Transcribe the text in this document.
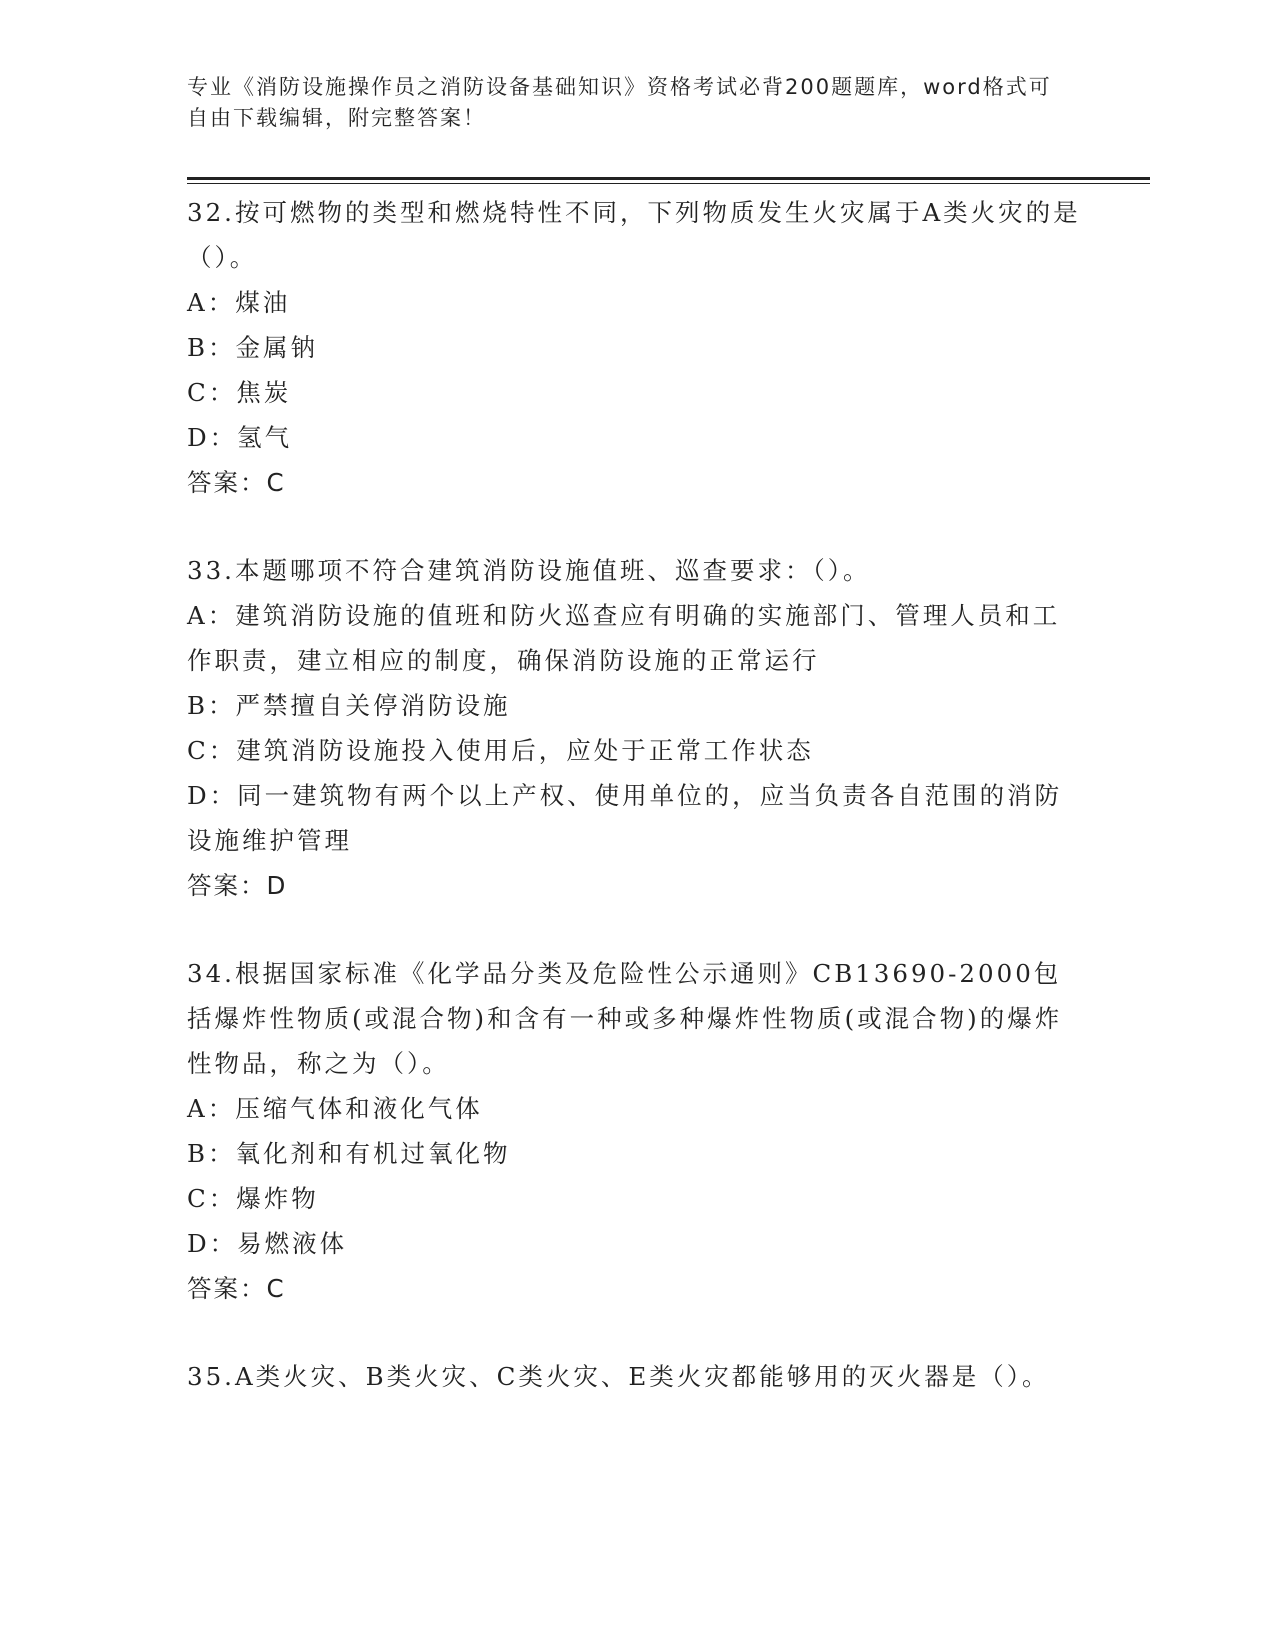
专业《消防设施操作员之消防设备基础知识》资格考试必背200题题库，word格式可自由下载编辑，附完整答案！
32.按可燃物的类型和燃烧特性不同，下列物质发生火灾属于A类火灾的是（）。
A：煤油
B：金属钠
C：焦炭
D：氢气
答案：C
33.本题哪项不符合建筑消防设施值班、巡查要求：（）。
A：建筑消防设施的值班和防火巡查应有明确的实施部门、管理人员和工作职责，建立相应的制度，确保消防设施的正常运行
B：严禁擅自关停消防设施
C：建筑消防设施投入使用后，应处于正常工作状态
D：同一建筑物有两个以上产权、使用单位的，应当负责各自范围的消防设施维护管理
答案：D
34.根据国家标准《化学品分类及危险性公示通则》CB13690-2000包括爆炸性物质(或混合物)和含有一种或多种爆炸性物质(或混合物)的爆炸性物品，称之为（）。
A：压缩气体和液化气体
B：氧化剂和有机过氧化物
C：爆炸物
D：易燃液体
答案：C
35.A类火灾、B类火灾、C类火灾、E类火灾都能够用的灭火器是（）。
